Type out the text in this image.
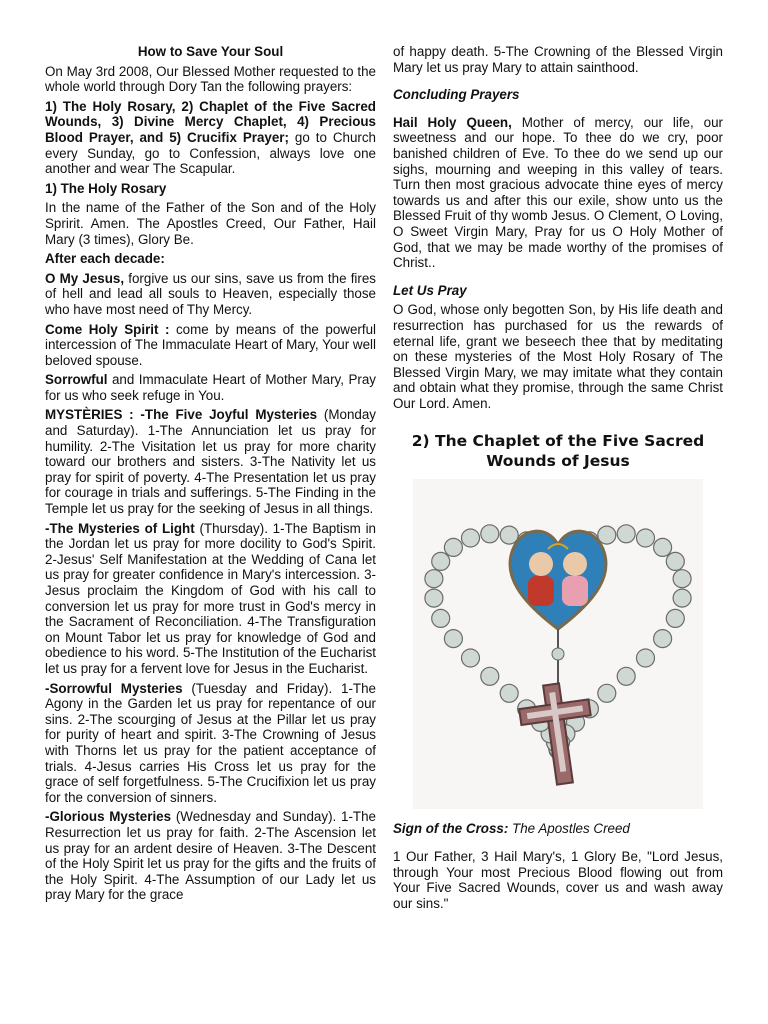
How to Save Your Soul

On May 3rd 2008, Our Blessed Mother requested to the whole world through Dory Tan the following prayers:

1) The Holy Rosary, 2) Chaplet of the Five Sacred Wounds, 3) Divine Mercy Chaplet, 4) Precious Blood Prayer, and 5) Crucifix Prayer; go to Church every Sunday, go to Confession, always love one another and wear The Scapular.

1) The Holy Rosary

In the name of the Father of the Son and of the Holy Spririt. Amen. The Apostles Creed, Our Father, Hail Mary (3 times), Glory Be.

After each decade:

O My Jesus, forgive us our sins, save us from the fires of hell and lead all souls to Heaven, especially those who have most need of Thy Mercy.

Come Holy Spirit : come by means of the powerful intercession of The Immaculate Heart of Mary, Your well beloved spouse.

Sorrowful and Immaculate Heart of Mother Mary, Pray for us who seek refuge in You.

MYSTÈRIES : -The Five Joyful Mysteries (Monday and Saturday). 1-The Annunciation let us pray for humility. 2-The Visitation let us pray for more charity toward our brothers and sisters. 3-The Nativity let us pray for spirit of poverty. 4-The Presentation let us pray for courage in trials and sufferings. 5-The Finding in the Temple let us pray for the seeking of Jesus in all things.

-The Mysteries of Light (Thursday). 1-The Baptism in the Jordan let us pray for more docility to God's Spirit. 2-Jesus' Self Manifestation at the Wedding of Cana let us pray for greater confidence in Mary's intercession. 3-Jesus proclaim the Kingdom of God with his call to conversion let us pray for more trust in God's mercy in the Sacrament of Reconciliation. 4-The Transfiguration on Mount Tabor let us pray for knowledge of God and obedience to his word. 5-The Institution of the Eucharist let us pray for a fervent love for Jesus in the Eucharist.

-Sorrowful Mysteries (Tuesday and Friday). 1-The Agony in the Garden let us pray for repentance of our sins. 2-The scourging of Jesus at the Pillar let us pray for purity of heart and spirit. 3-The Crowning of Jesus with Thorns let us pray for the patient acceptance of trials. 4-Jesus carries His Cross let us pray for the grace of self forgetfulness. 5-The Crucifixion let us pray for the conversion of sinners.

-Glorious Mysteries (Wednesday and Sunday). 1-The Resurrection let us pray for faith. 2-The Ascension let us pray for an ardent desire of Heaven. 3-The Descent of the Holy Spirit let us pray for the gifts and the fruits of the Holy Spirit. 4-The Assumption of our Lady let us pray Mary for the grace

of happy death. 5-The Crowning of the Blessed Virgin Mary let us pray Mary to attain sainthood.

Concluding Prayers

Hail Holy Queen, Mother of mercy, our life, our sweetness and our hope. To thee do we cry, poor banished children of Eve. To thee do we send up our sighs, mourning and weeping in this valley of tears. Turn then most gracious advocate thine eyes of mercy towards us and after this our exile, show unto us the Blessed Fruit of thy womb Jesus. O Clement, O Loving, O Sweet Virgin Mary, Pray for us O Holy Mother of God, that we may be made worthy of the promises of Christ..

Let Us Pray

O God, whose only begotten Son, by His life death and resurrection has purchased for us the rewards of eternal life, grant we beseech thee that by meditating on these mysteries of the Most Holy Rosary of The Blessed Virgin Mary, we may imitate what they contain and obtain what they promise, through the same Christ Our Lord. Amen.

2) The Chaplet of the Five Sacred Wounds of Jesus

Sign of the Cross: The Apostles Creed

1 Our Father, 3 Hail Mary's, 1 Glory Be, "Lord Jesus, through Your most Precious Blood flowing out from Your Five Sacred Wounds, cover us and wash away our sins."
